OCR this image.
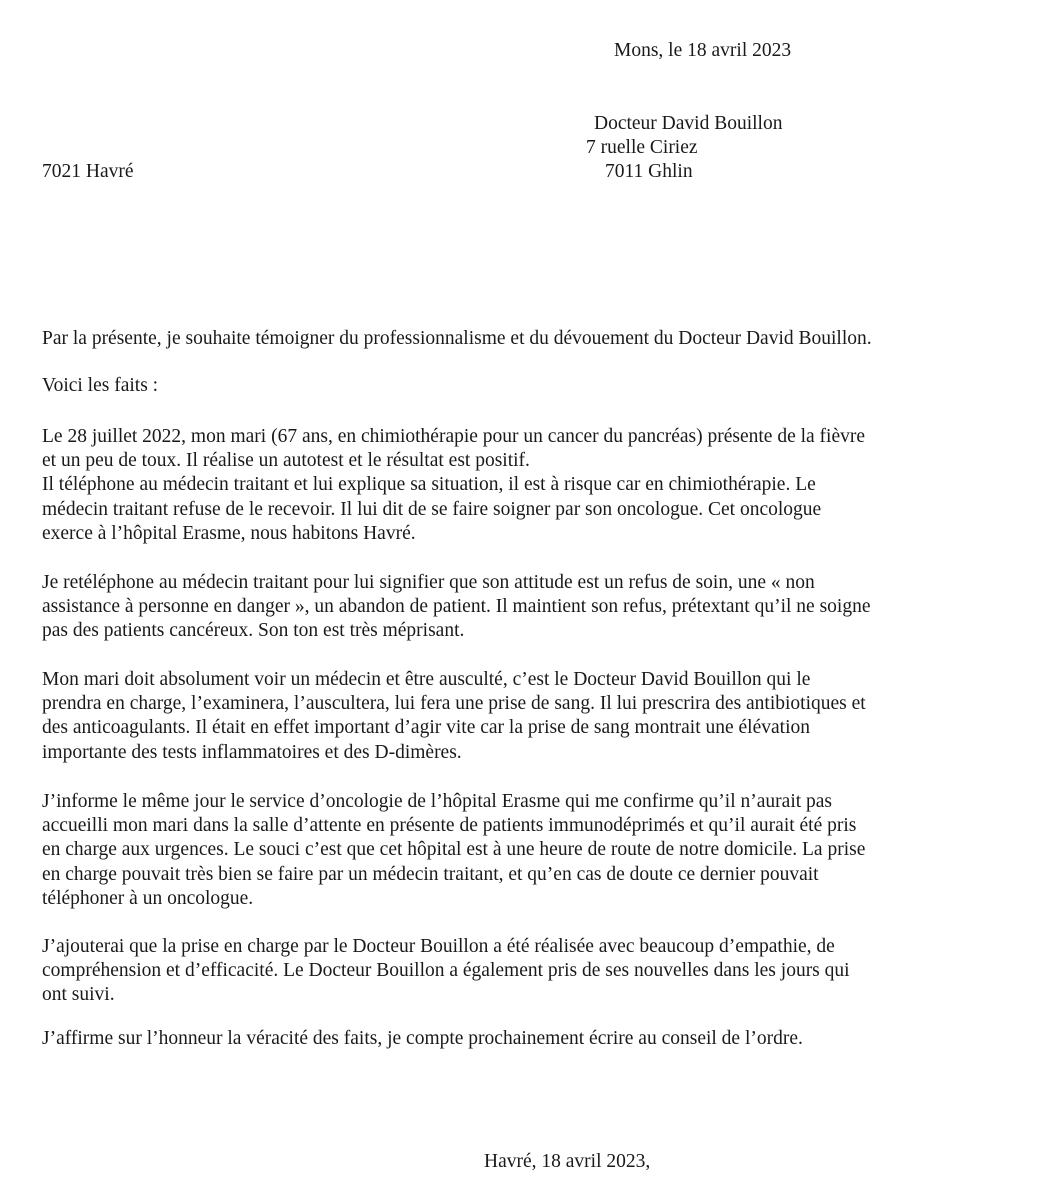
Mons, le 18 avril 2023
Docteur David Bouillon
7 ruelle Ciriez
7011 Ghlin
7021 Havré
Par la présente, je souhaite témoigner du professionnalisme et du dévouement du Docteur David Bouillon.
Voici les faits :
Le 28 juillet 2022, mon mari (67 ans, en chimiothérapie pour un cancer du pancréas) présente de la fièvre
et un peu de toux. Il réalise un autotest et le résultat est positif.
Il téléphone au médecin traitant et lui explique sa situation, il est à risque car en chimiothérapie. Le
médecin traitant refuse de le recevoir. Il lui dit de se faire soigner par son oncologue. Cet oncologue
exerce à l’hôpital Erasme, nous habitons Havré.
Je retéléphone au médecin traitant pour lui signifier que son attitude est un refus de soin, une « non
assistance à personne en danger », un abandon de patient. Il maintient son refus, prétextant qu’il ne soigne
pas des patients cancéreux. Son ton est très méprisant.
Mon mari doit absolument voir un médecin et être ausculté, c’est le Docteur David Bouillon qui le
prendra en charge, l’examinera, l’auscultera, lui fera une prise de sang. Il lui prescrira des antibiotiques et
des anticoagulants. Il était en effet important d’agir vite car la prise de sang montrait une élévation
importante des tests inflammatoires et des D-dimères.
J’informe le même jour le service d’oncologie de l’hôpital Erasme qui me confirme qu’il n’aurait pas
accueilli mon mari dans la salle d’attente en présente de patients immunodéprimés et qu’il aurait été pris
en charge aux urgences. Le souci c’est que cet hôpital est à une heure de route de notre domicile. La prise
en charge pouvait très bien se faire par un médecin traitant, et qu’en cas de doute ce dernier pouvait
téléphoner à un oncologue.
J’ajouterai que la prise en charge par le Docteur Bouillon a été réalisée avec beaucoup d’empathie, de
compréhension et d’efficacité. Le Docteur Bouillon a également pris de ses nouvelles dans les jours qui
ont suivi.
J’affirme sur l’honneur la véracité des faits, je compte prochainement écrire au conseil de l’ordre.
Havré, 18 avril 2023,
